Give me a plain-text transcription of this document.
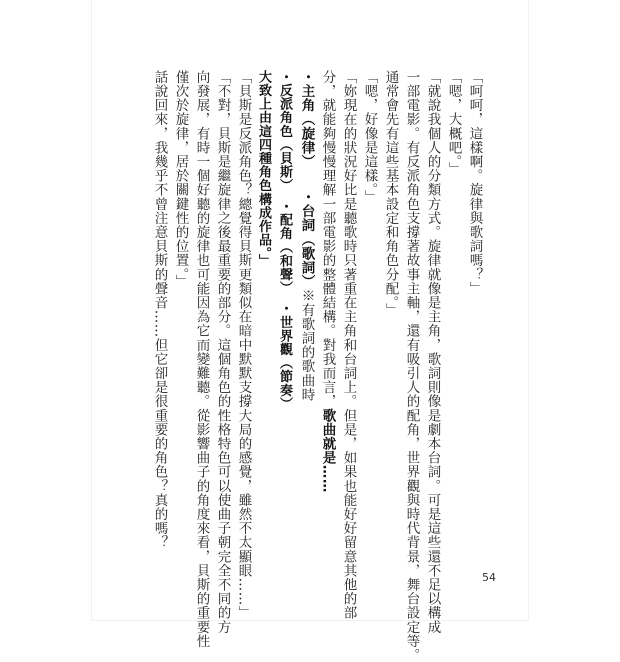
「呵呵，這樣啊。旋律與歌詞嗎？」
「嗯，大概吧。」
「就說我個人的分類方式。旋律就像是主角，歌詞則像是劇本台詞。可是這些還不足以構成
一部電影。有反派角色支撐著故事主軸，還有吸引人的配角，世界觀與時代背景，舞台設定等。
通常會先有這些基本設定和角色分配。」
「嗯，好像是這樣。」
「妳現在的狀況好比是聽歌時只著重在主角和台詞上。但是，如果也能好好留意其他的部
分，就能夠慢慢理解一部電影的整體結構。對我而言，歌曲就是……
・主角（旋律）　　・台詞（歌詞）※有歌詞的歌曲時
・反派角色（貝斯）　・配角（和聲）　・世界觀（節奏）
大致上由這四種角色構成作品。」
「貝斯是反派角色？總覺得貝斯更類似在暗中默默支撐大局的感覺，雖然不太顯眼……」
「不對，貝斯是繼旋律之後最重要的部分。這個角色的性格特色可以使曲子朝完全不同的方
向發展，有時一個好聽的旋律也可能因為它而變難聽。從影響曲子的角度來看，貝斯的重要性
僅次於旋律，居於關鍵性的位置。」
話說回來，我幾乎不曾注意貝斯的聲音……但它卻是很重要的角色？真的嗎？
54
